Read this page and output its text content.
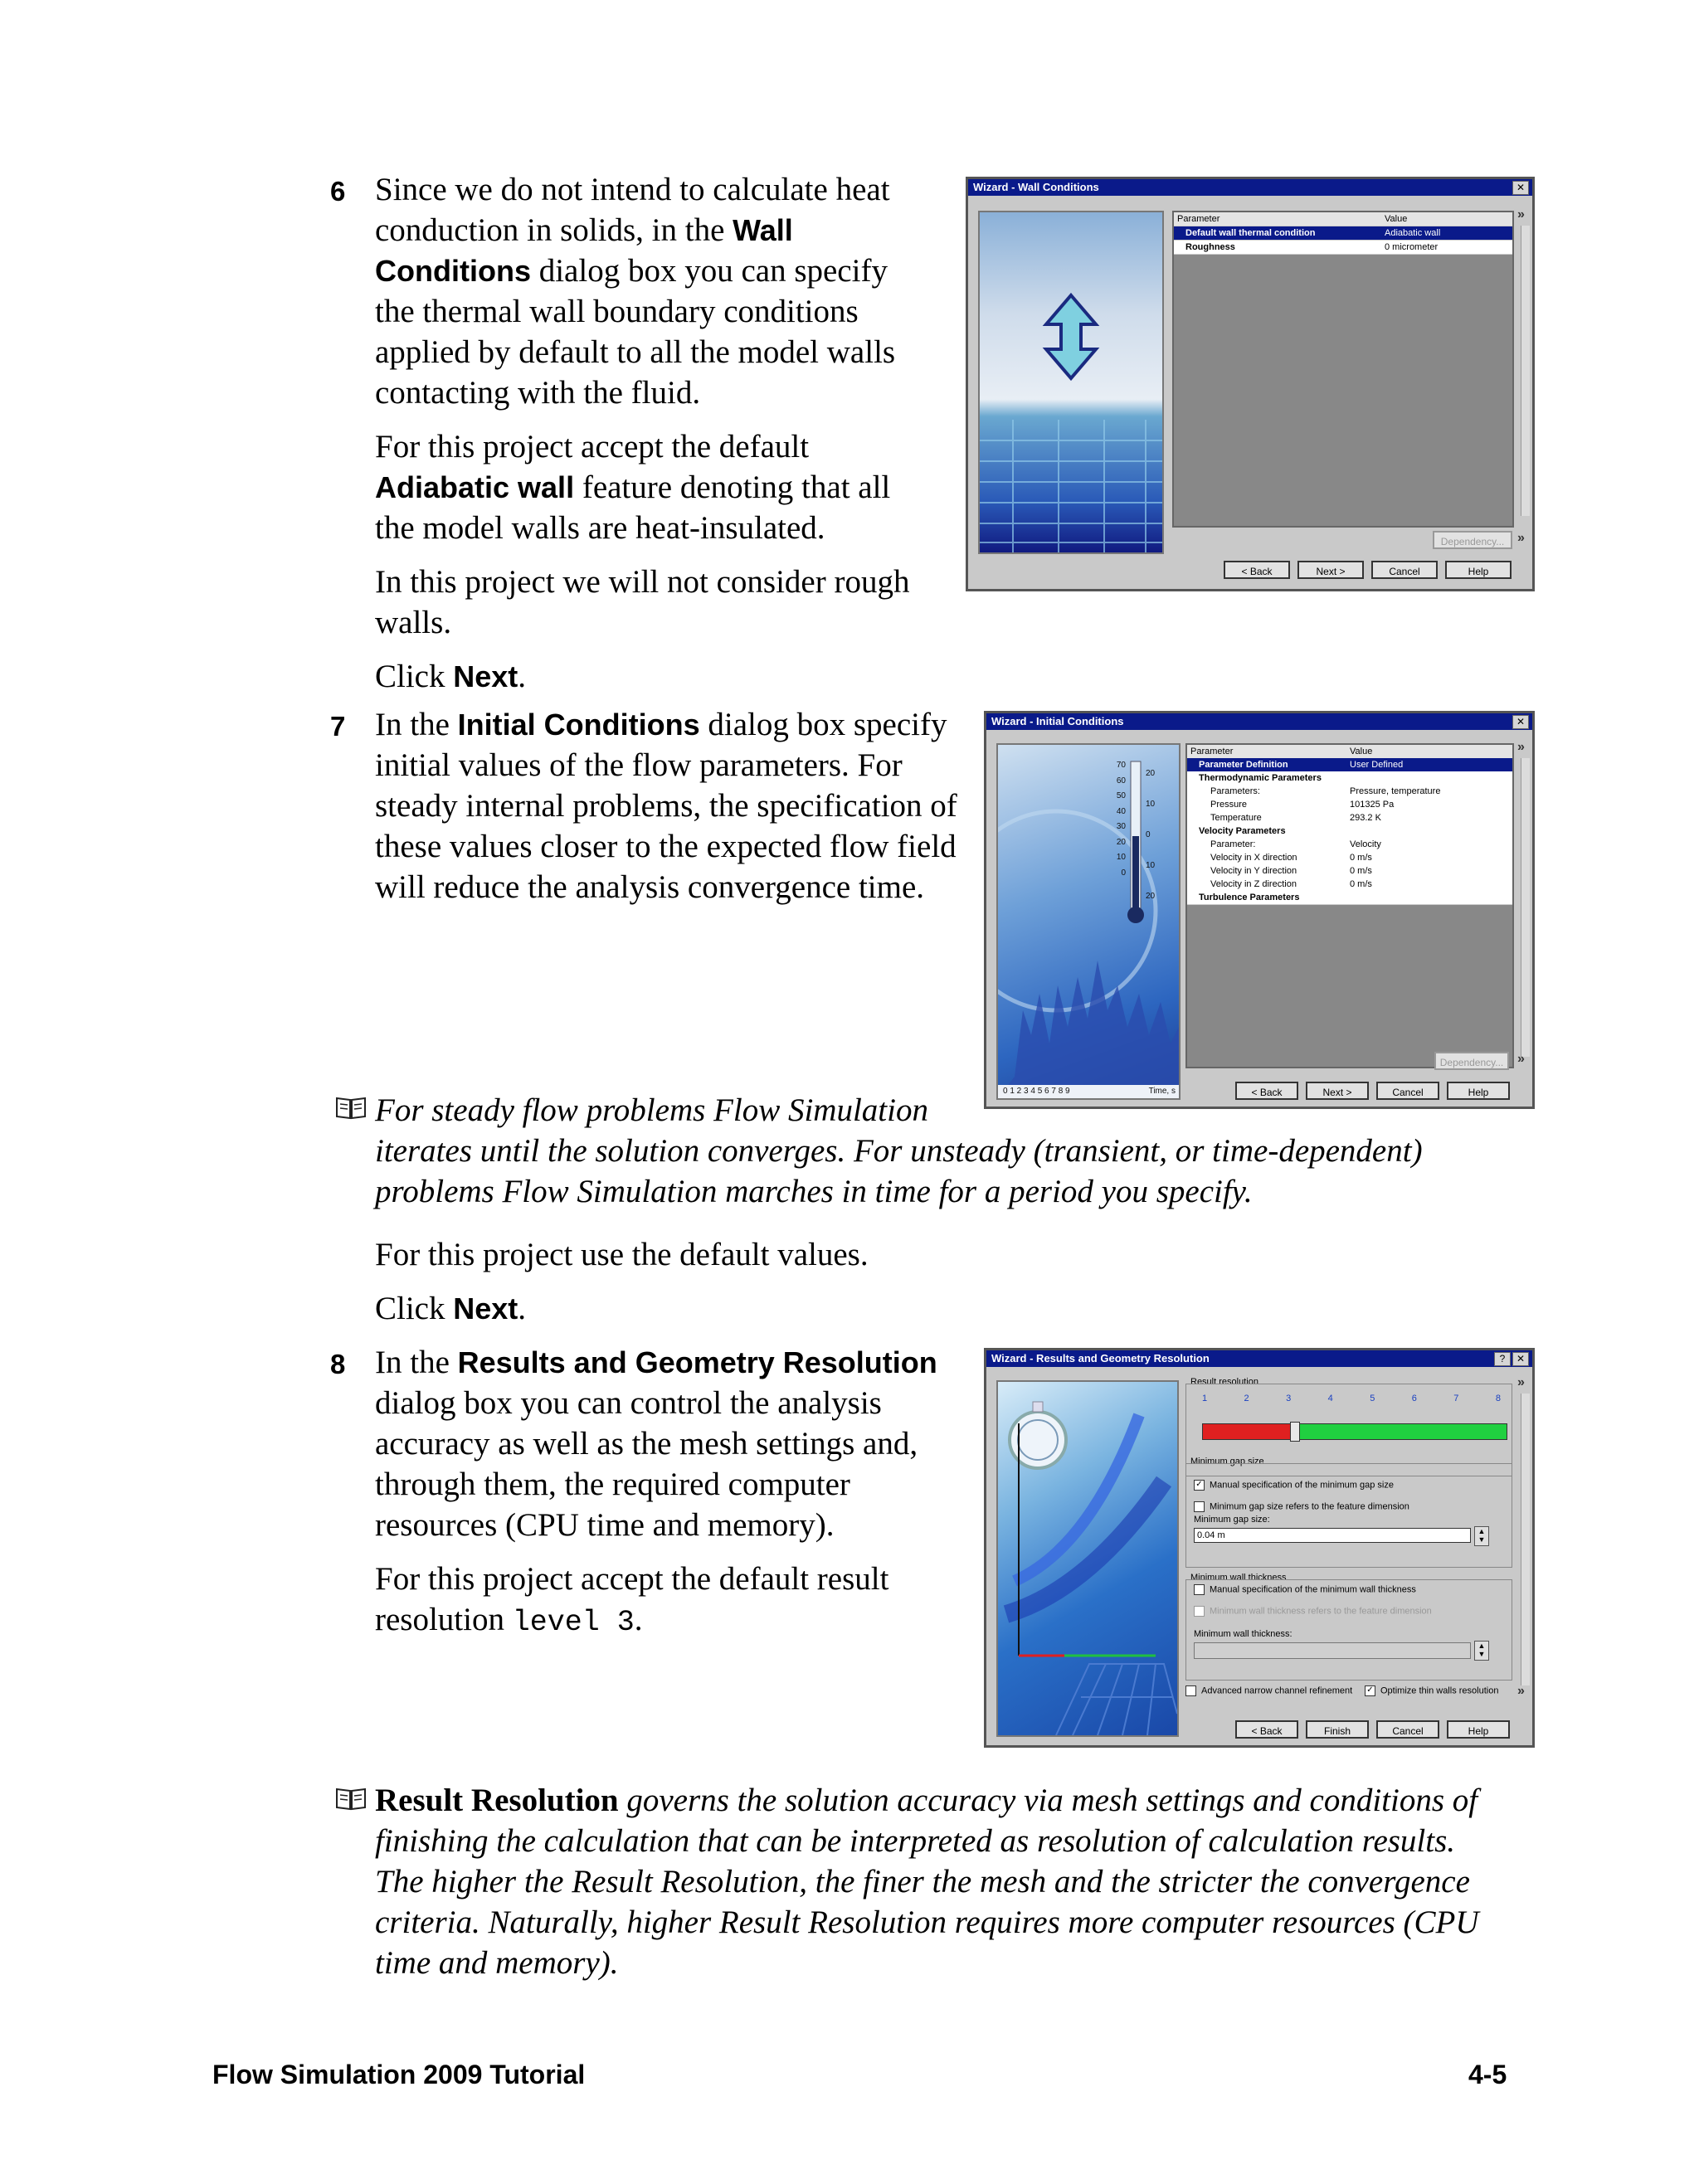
6 Since we do not intend to calculate heat
conduction in solids, in the Wall
Conditions dialog box you can specify
the thermal wall boundary conditions
applied by default to all the model walls
contacting with the fluid.
For this project accept the default
Adiabatic wall feature denoting that all
the model walls are heat-insulated.
In this project we will not consider rough
walls.
Click Next.
Wizard - Wall Conditions	✕
Parameter	Value
Default wall thermal condition	Adiabatic wall
Roughness	0 micrometer
»
Dependency... »
< Back	Next >	Cancel	Help
7 In the Initial Conditions dialog box specify
initial values of the flow parameters. For
steady internal problems, the specification of
these values closer to the expected flow field
will reduce the analysis convergence time.
Wizard - Initial Conditions	✕
70
60
50
40
30
20
10
0
20
10
0
10
20
0 1 2 3 4 5 6 7 8 9	Time, s
Parameter	Value
Parameter Definition	User Defined
Thermodynamic Parameters
Parameters:	Pressure, temperature
Pressure	101325 Pa
Temperature	293.2 K
Velocity Parameters
Parameter:	Velocity
Velocity in X direction	0 m/s
Velocity in Y direction	0 m/s
Velocity in Z direction	0 m/s
Turbulence Parameters
»
Dependency...	»
< Back	Next >	Cancel	Help
For steady flow problems Flow Simulation
iterates until the solution converges. For unsteady (transient, or time-dependent)
problems Flow Simulation marches in time for a period you specify.
For this project use the default values.
Click Next.
8 In the Results and Geometry Resolution
dialog box you can control the analysis
accuracy as well as the mesh settings and,
through them, the required computer
resources (CPU time and memory).
For this project accept the default result
resolution level 3.
Wizard - Results and Geometry Resolution	?	✕
Result resolution
1	2	3	4	5	6	7	8
Minimum gap size
✓ Manual specification of the minimum gap size
Minimum gap size refers to the feature dimension
Minimum gap size:
0.04 m
▲
▼
Minimum wall thickness
Manual specification of the minimum wall thickness
Minimum wall thickness refers to the feature dimension
Minimum wall thickness:
▲
▼
Advanced narrow channel refinement ✓ Optimize thin walls resolution
»
»
< Back	Finish	Cancel	Help
Result Resolution governs the solution accuracy via mesh settings and conditions of
finishing the calculation that can be interpreted as resolution of calculation results.
The higher the Result Resolution, the finer the mesh and the stricter the convergence
criteria. Naturally, higher Result Resolution requires more computer resources (CPU
time and memory).
Flow Simulation 2009 Tutorial	4-5
